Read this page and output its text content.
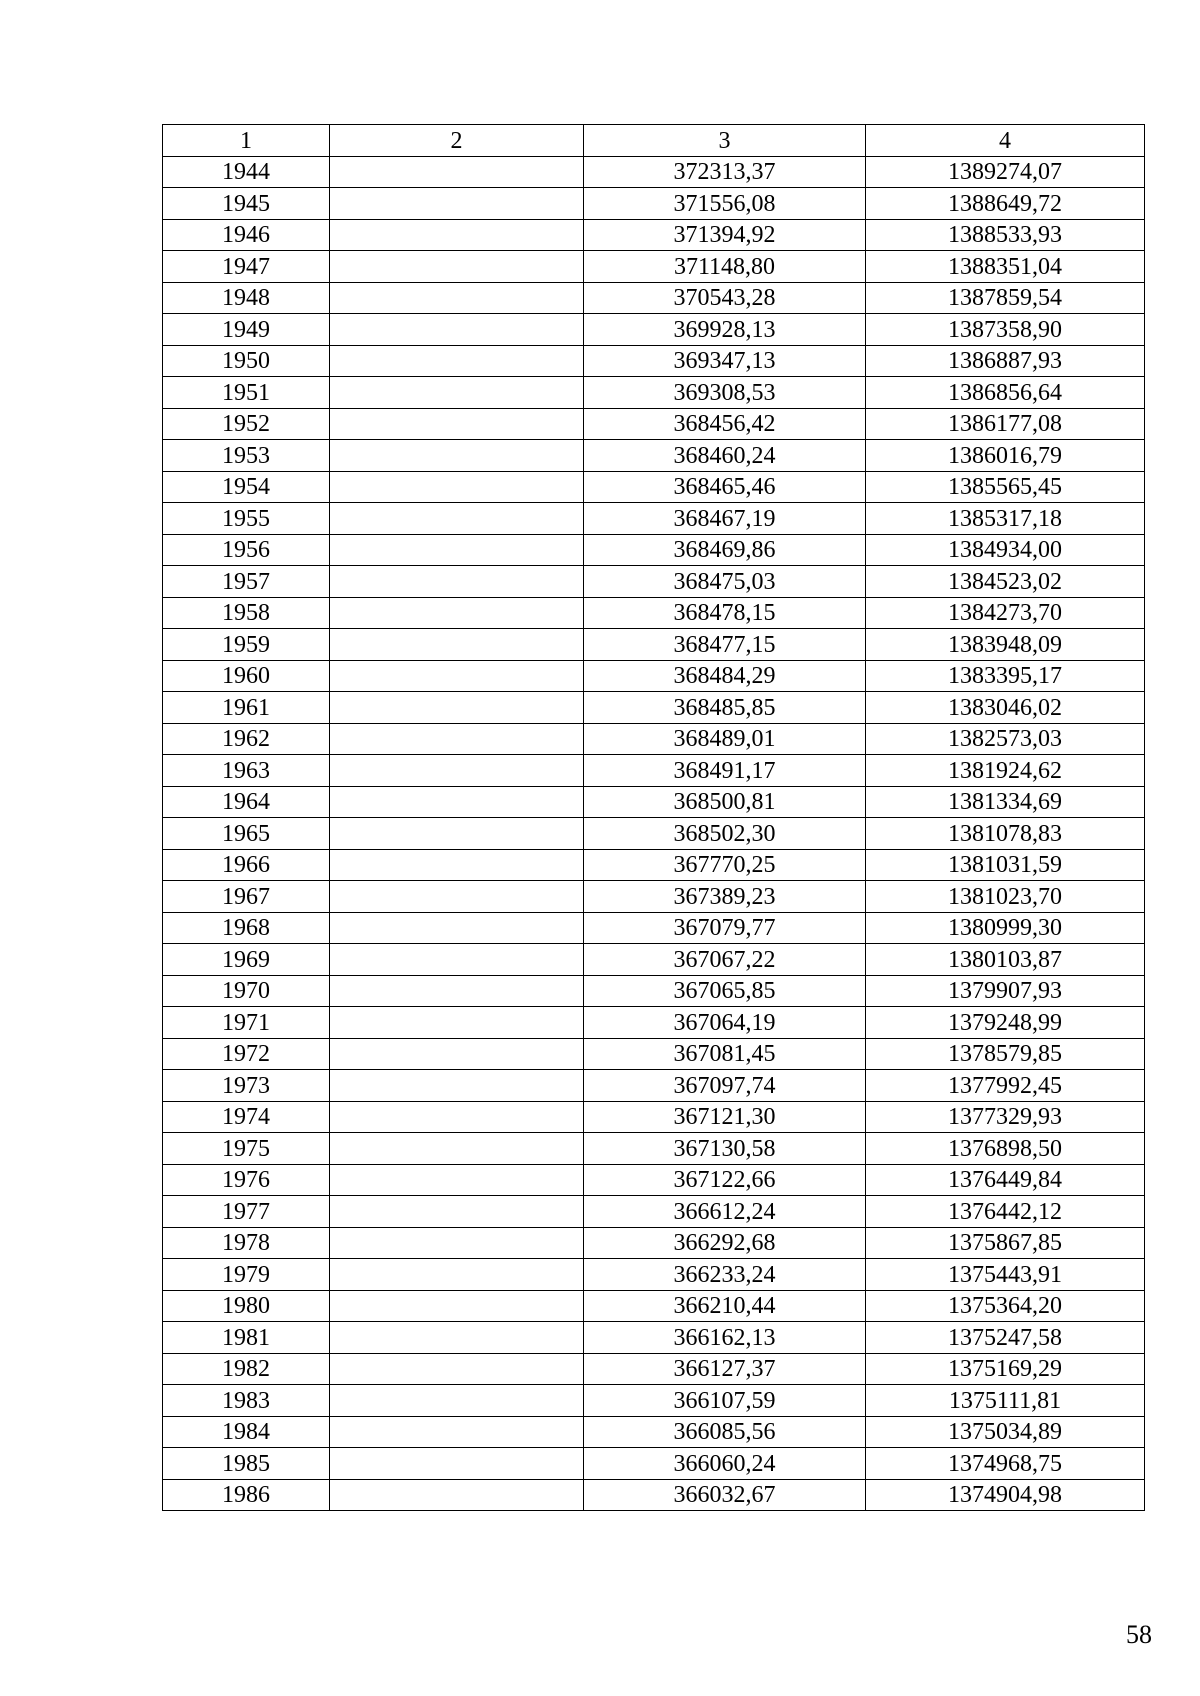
1	2	3	4
1944		372313,37	1389274,07
1945		371556,08	1388649,72
1946		371394,92	1388533,93
1947		371148,80	1388351,04
1948		370543,28	1387859,54
1949		369928,13	1387358,90
1950		369347,13	1386887,93
1951		369308,53	1386856,64
1952		368456,42	1386177,08
1953		368460,24	1386016,79
1954		368465,46	1385565,45
1955		368467,19	1385317,18
1956		368469,86	1384934,00
1957		368475,03	1384523,02
1958		368478,15	1384273,70
1959		368477,15	1383948,09
1960		368484,29	1383395,17
1961		368485,85	1383046,02
1962		368489,01	1382573,03
1963		368491,17	1381924,62
1964		368500,81	1381334,69
1965		368502,30	1381078,83
1966		367770,25	1381031,59
1967		367389,23	1381023,70
1968		367079,77	1380999,30
1969		367067,22	1380103,87
1970		367065,85	1379907,93
1971		367064,19	1379248,99
1972		367081,45	1378579,85
1973		367097,74	1377992,45
1974		367121,30	1377329,93
1975		367130,58	1376898,50
1976		367122,66	1376449,84
1977		366612,24	1376442,12
1978		366292,68	1375867,85
1979		366233,24	1375443,91
1980		366210,44	1375364,20
1981		366162,13	1375247,58
1982		366127,37	1375169,29
1983		366107,59	1375111,81
1984		366085,56	1375034,89
1985		366060,24	1374968,75
1986		366032,67	1374904,98
58
